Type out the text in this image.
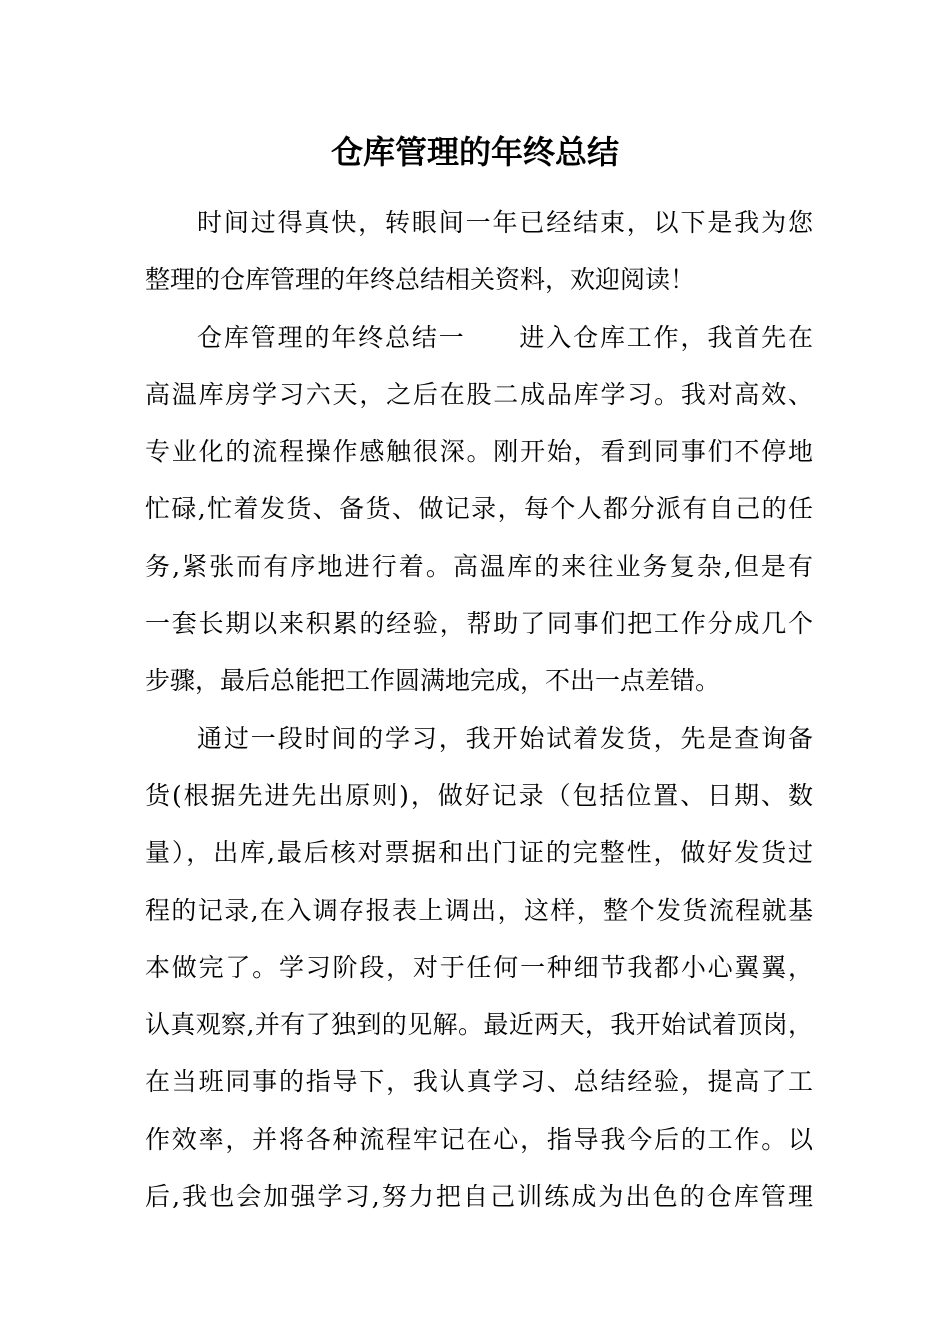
仓库管理的年终总结
时间过得真快，转眼间一年已经结束，以下是我为您
整理的仓库管理的年终总结相关资料，欢迎阅读！
仓库管理的年终总结一　　进入仓库工作，我首先在
高温库房学习六天，之后在股二成品库学习。我对高效、
专业化的流程操作感触很深。刚开始，看到同事们不停地
忙碌,忙着发货、备货、做记录，每个人都分派有自己的任
务,紧张而有序地进行着。高温库的来往业务复杂,但是有
一套长期以来积累的经验，帮助了同事们把工作分成几个
步骤，最后总能把工作圆满地完成，不出一点差错。
通过一段时间的学习，我开始试着发货，先是查询备
货(根据先进先出原则)，做好记录（包括位置、日期、数
量），出库,最后核对票据和出门证的完整性，做好发货过
程的记录,在入调存报表上调出，这样，整个发货流程就基
本做完了。学习阶段，对于任何一种细节我都小心翼翼，
认真观察,并有了独到的见解。最近两天，我开始试着顶岗，
在当班同事的指导下，我认真学习、总结经验，提高了工
作效率，并将各种流程牢记在心，指导我今后的工作。以
后,我也会加强学习,努力把自己训练成为出色的仓库管理
